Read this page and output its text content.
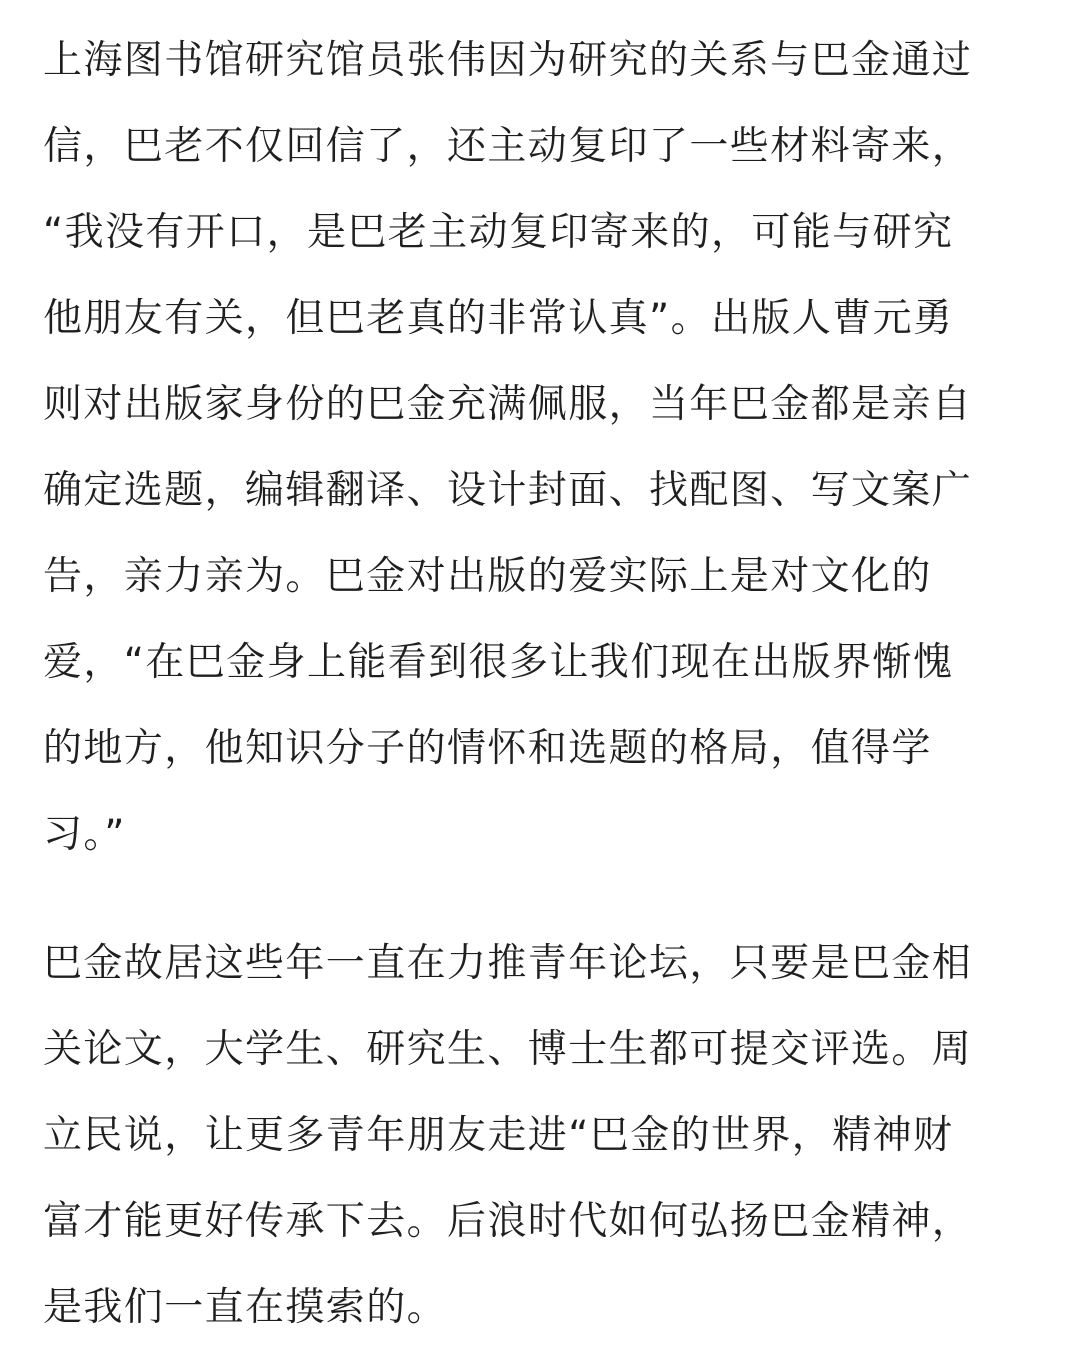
上海图书馆研究馆员张伟因为研究的关系与巴金通过
信，巴老不仅回信了，还主动复印了一些材料寄来，
“我没有开口，是巴老主动复印寄来的，可能与研究
他朋友有关，但巴老真的非常认真”。出版人曹元勇
则对出版家身份的巴金充满佩服，当年巴金都是亲自
确定选题，编辑翻译、设计封面、找配图、写文案广
告，亲力亲为。巴金对出版的爱实际上是对文化的
爱，“在巴金身上能看到很多让我们现在出版界惭愧
的地方，他知识分子的情怀和选题的格局，值得学
习。”

巴金故居这些年一直在力推青年论坛，只要是巴金相
关论文，大学生、研究生、博士生都可提交评选。周
立民说，让更多青年朋友走进“巴金的世界，精神财
富才能更好传承下去。后浪时代如何弘扬巴金精神，
是我们一直在摸索的。
